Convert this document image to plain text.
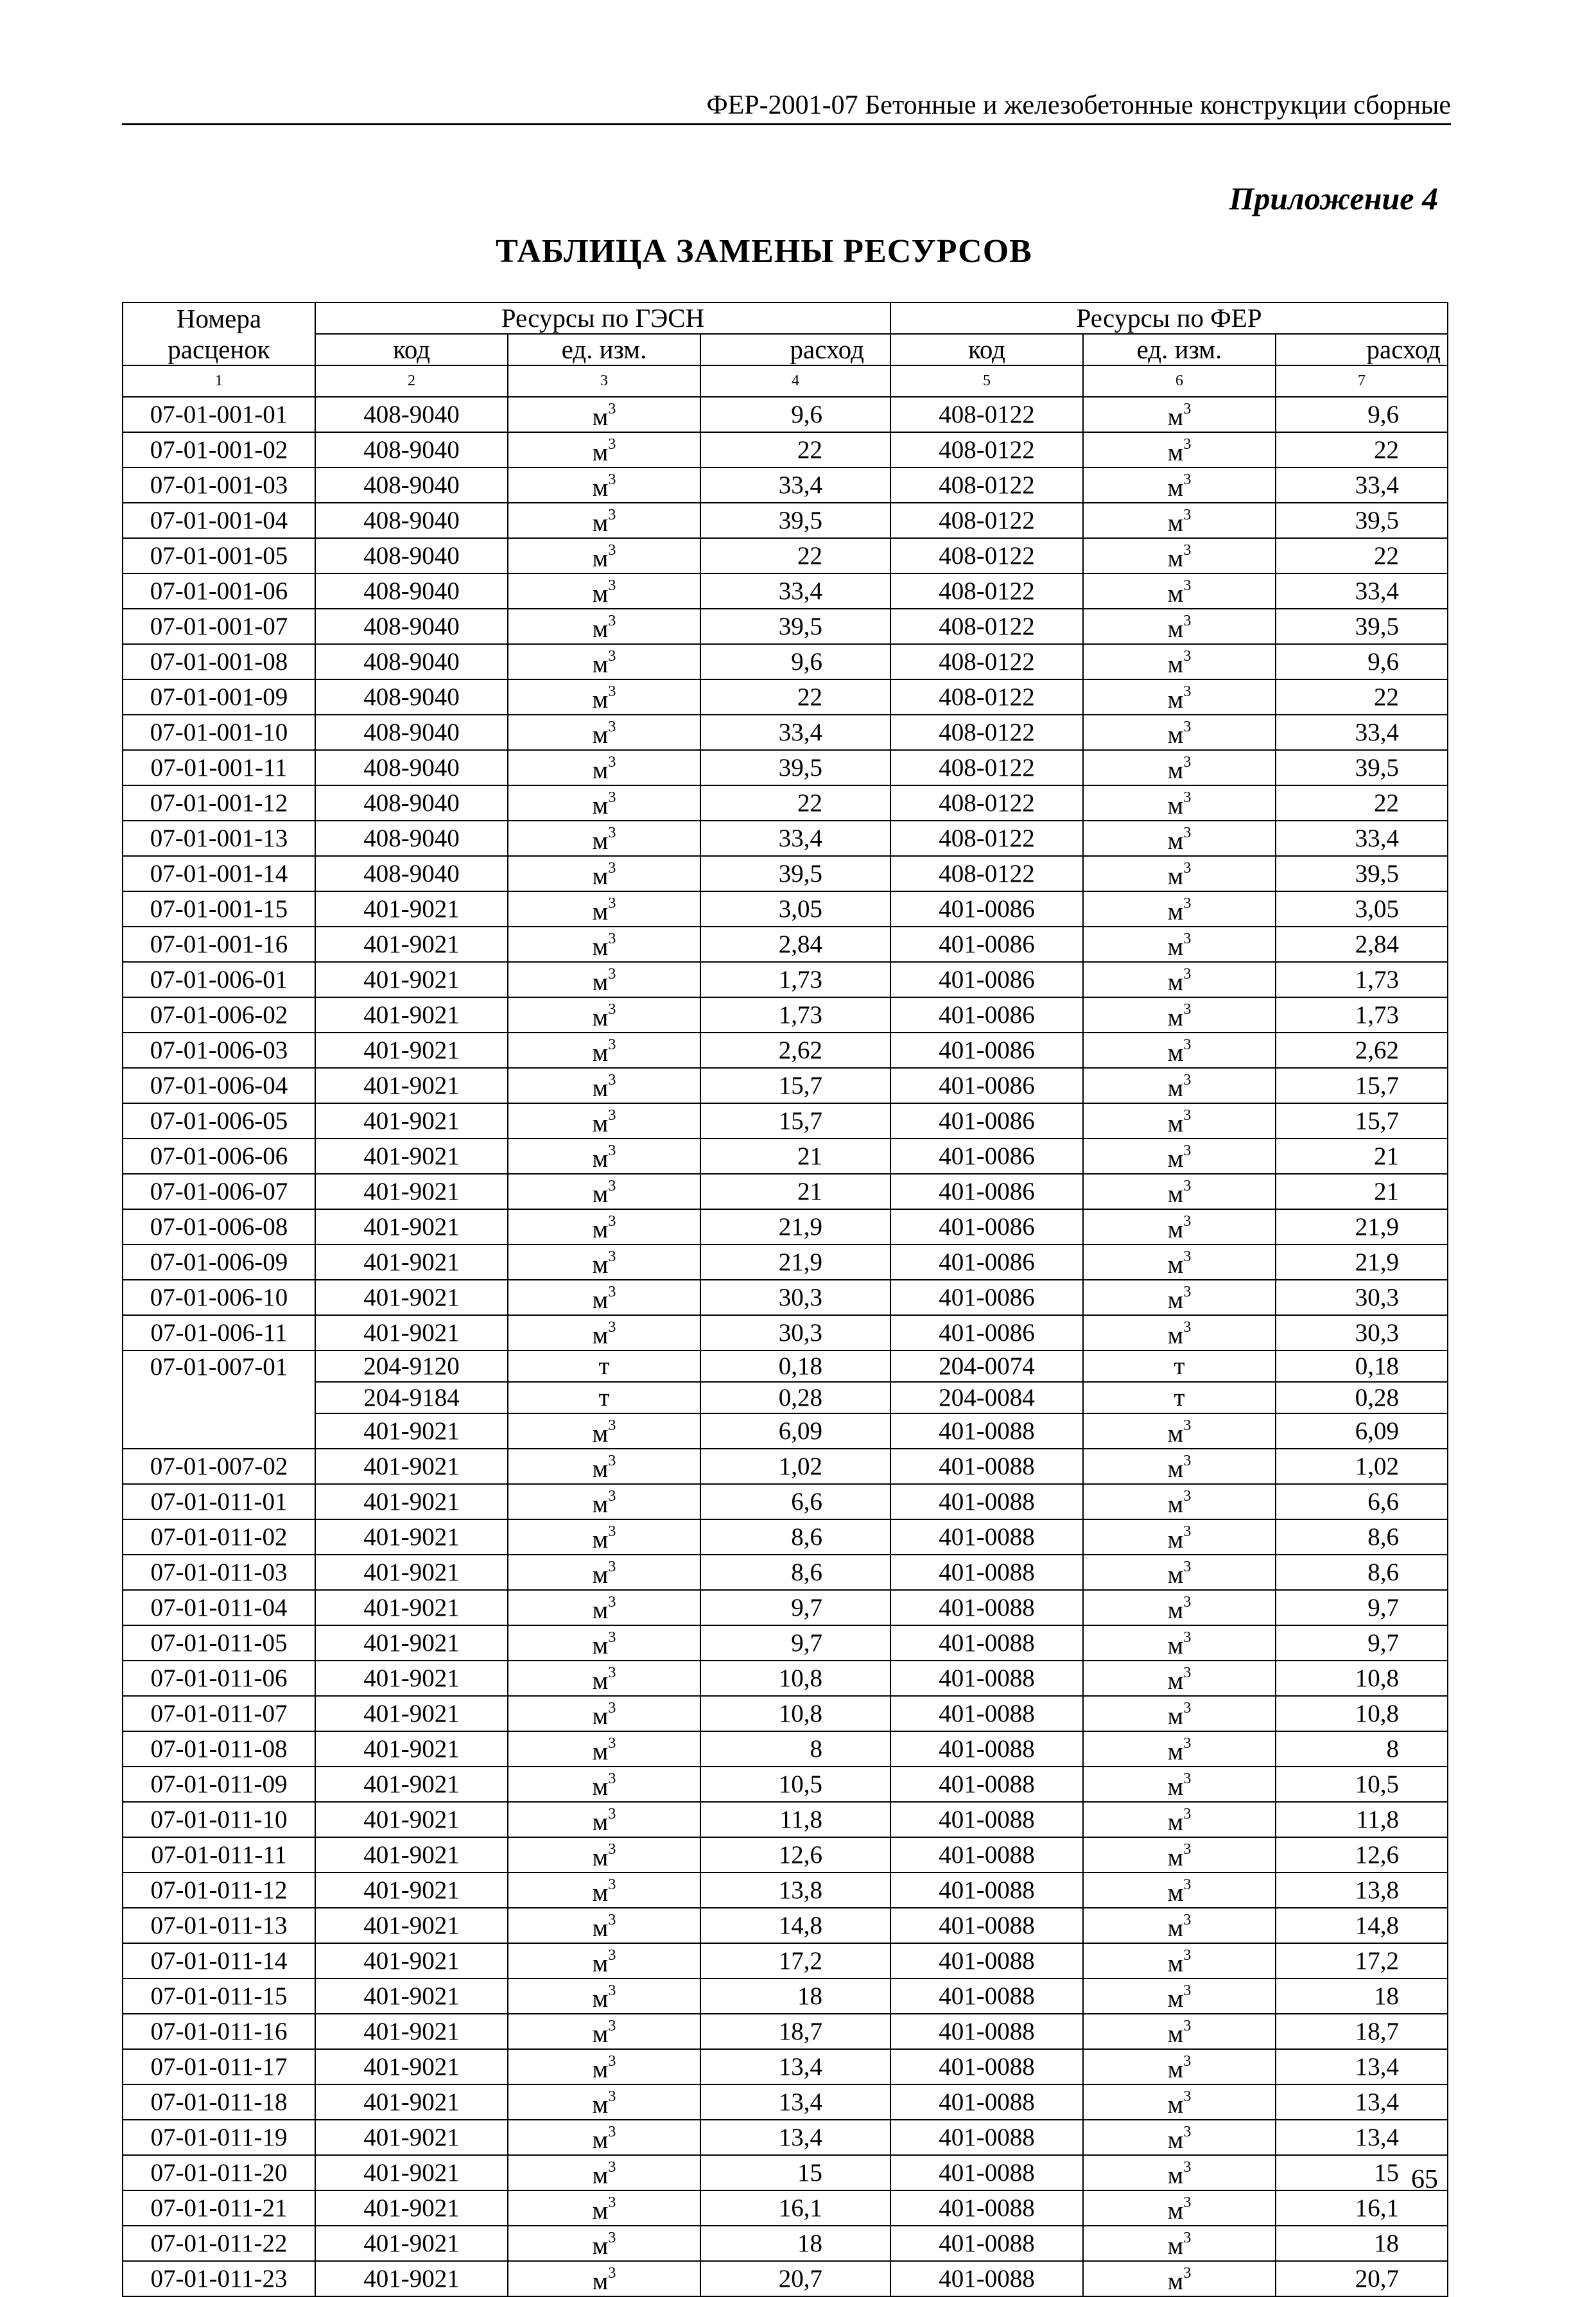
ФЕР-2001-07 Бетонные и железобетонные конструкции сборные
Приложение 4
ТАБЛИЦА ЗАМЕНЫ РЕСУРСОВ
Номера расценок	Ресурсы по ГЭСН			Ресурсы по ФЕР		
	код	ед. изм.	расход	код	ед. изм.	расход
1	2	3	4	5	6	7
07-01-001-01	408-9040	$м^3$	9,6	408-0122	$м^3$	9,6
07-01-001-02	408-9040	$м^3$	22	408-0122	$м^3$	22
07-01-001-03	408-9040	$м^3$	33,4	408-0122	$м^3$	33,4
07-01-001-04	408-9040	$м^3$	39,5	408-0122	$м^3$	39,5
07-01-001-05	408-9040	$м^3$	22	408-0122	$м^3$	22
07-01-001-06	408-9040	$м^3$	33,4	408-0122	$м^3$	33,4
07-01-001-07	408-9040	$м^3$	39,5	408-0122	$м^3$	39,5
07-01-001-08	408-9040	$м^3$	9,6	408-0122	$м^3$	9,6
07-01-001-09	408-9040	$м^3$	22	408-0122	$м^3$	22
07-01-001-10	408-9040	$м^3$	33,4	408-0122	$м^3$	33,4
07-01-001-11	408-9040	$м^3$	39,5	408-0122	$м^3$	39,5
07-01-001-12	408-9040	$м^3$	22	408-0122	$м^3$	22
07-01-001-13	408-9040	$м^3$	33,4	408-0122	$м^3$	33,4
07-01-001-14	408-9040	$м^3$	39,5	408-0122	$м^3$	39,5
07-01-001-15	401-9021	$м^3$	3,05	401-0086	$м^3$	3,05
07-01-001-16	401-9021	$м^3$	2,84	401-0086	$м^3$	2,84
07-01-006-01	401-9021	$м^3$	1,73	401-0086	$м^3$	1,73
07-01-006-02	401-9021	$м^3$	1,73	401-0086	$м^3$	1,73
07-01-006-03	401-9021	$м^3$	2,62	401-0086	$м^3$	2,62
07-01-006-04	401-9021	$м^3$	15,7	401-0086	$м^3$	15,7
07-01-006-05	401-9021	$м^3$	15,7	401-0086	$м^3$	15,7
07-01-006-06	401-9021	$м^3$	21	401-0086	$м^3$	21
07-01-006-07	401-9021	$м^3$	21	401-0086	$м^3$	21
07-01-006-08	401-9021	$м^3$	21,9	401-0086	$м^3$	21,9
07-01-006-09	401-9021	$м^3$	21,9	401-0086	$м^3$	21,9
07-01-006-10	401-9021	$м^3$	30,3	401-0086	$м^3$	30,3
07-01-006-11	401-9021	$м^3$	30,3	401-0086	$м^3$	30,3
07-01-007-01	204-9120	т	0,18	204-0074	т	0,18
	204-9184	т	0,28	204-0084	т	0,28
	401-9021	$м^3$	6,09	401-0088	$м^3$	6,09
07-01-007-02	401-9021	$м^3$	1,02	401-0088	$м^3$	1,02
07-01-011-01	401-9021	$м^3$	6,6	401-0088	$м^3$	6,6
07-01-011-02	401-9021	$м^3$	8,6	401-0088	$м^3$	8,6
07-01-011-03	401-9021	$м^3$	8,6	401-0088	$м^3$	8,6
07-01-011-04	401-9021	$м^3$	9,7	401-0088	$м^3$	9,7
07-01-011-05	401-9021	$м^3$	9,7	401-0088	$м^3$	9,7
07-01-011-06	401-9021	$м^3$	10,8	401-0088	$м^3$	10,8
07-01-011-07	401-9021	$м^3$	10,8	401-0088	$м^3$	10,8
07-01-011-08	401-9021	$м^3$	8	401-0088	$м^3$	8
07-01-011-09	401-9021	$м^3$	10,5	401-0088	$м^3$	10,5
07-01-011-10	401-9021	$м^3$	11,8	401-0088	$м^3$	11,8
07-01-011-11	401-9021	$м^3$	12,6	401-0088	$м^3$	12,6
07-01-011-12	401-9021	$м^3$	13,8	401-0088	$м^3$	13,8
07-01-011-13	401-9021	$м^3$	14,8	401-0088	$м^3$	14,8
07-01-011-14	401-9021	$м^3$	17,2	401-0088	$м^3$	17,2
07-01-011-15	401-9021	$м^3$	18	401-0088	$м^3$	18
07-01-011-16	401-9021	$м^3$	18,7	401-0088	$м^3$	18,7
07-01-011-17	401-9021	$м^3$	13,4	401-0088	$м^3$	13,4
07-01-011-18	401-9021	$м^3$	13,4	401-0088	$м^3$	13,4
07-01-011-19	401-9021	$м^3$	13,4	401-0088	$м^3$	13,4
07-01-011-20	401-9021	$м^3$	15	401-0088	$м^3$	15
07-01-011-21	401-9021	$м^3$	16,1	401-0088	$м^3$	16,1
07-01-011-22	401-9021	$м^3$	18	401-0088	$м^3$	18
07-01-011-23	401-9021	$м^3$	20,7	401-0088	$м^3$	20,7
65
